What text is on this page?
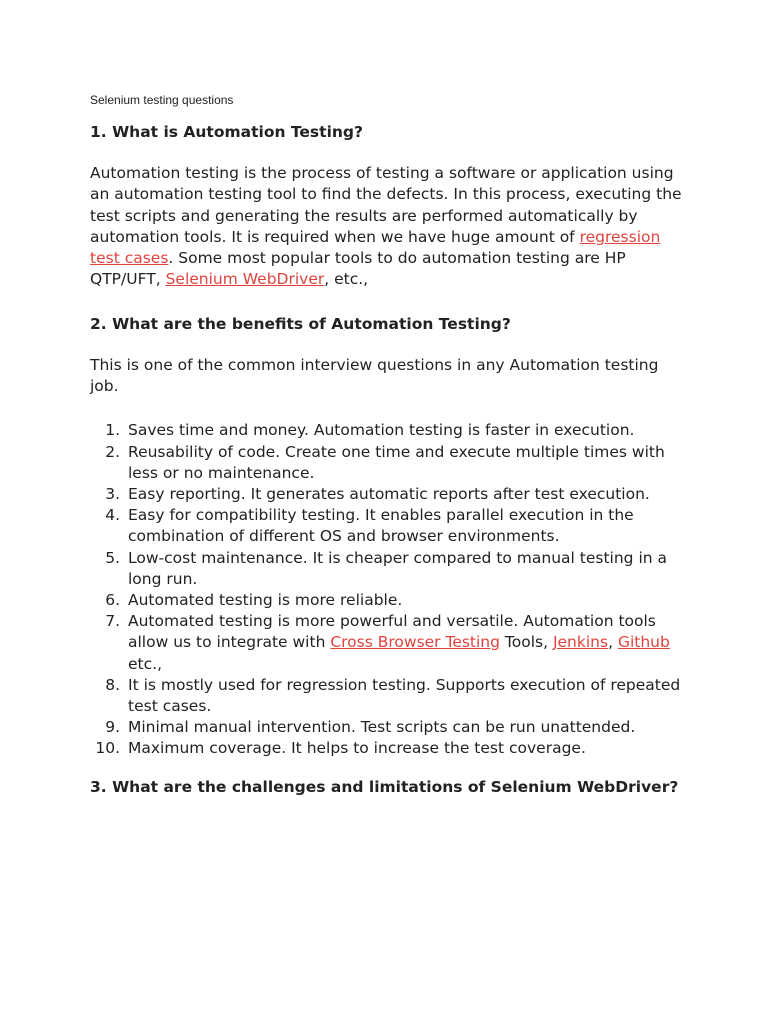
Selenium testing questions

1. What is Automation Testing?

Automation testing is the process of testing a software or application using an automation testing tool to find the defects. In this process, executing the test scripts and generating the results are performed automatically by automation tools. It is required when we have huge amount of regression test cases. Some most popular tools to do automation testing are HP QTP/UFT, Selenium WebDriver, etc.,

2. What are the benefits of Automation Testing?

This is one of the common interview questions in any Automation testing job.

1. Saves time and money. Automation testing is faster in execution.
2. Reusability of code. Create one time and execute multiple times with less or no maintenance.
3. Easy reporting. It generates automatic reports after test execution.
4. Easy for compatibility testing. It enables parallel execution in the combination of different OS and browser environments.
5. Low-cost maintenance. It is cheaper compared to manual testing in a long run.
6. Automated testing is more reliable.
7. Automated testing is more powerful and versatile. Automation tools allow us to integrate with Cross Browser Testing Tools, Jenkins, Github etc.,
8. It is mostly used for regression testing. Supports execution of repeated test cases.
9. Minimal manual intervention. Test scripts can be run unattended.
10. Maximum coverage. It helps to increase the test coverage.
3. What are the challenges and limitations of Selenium WebDriver?
